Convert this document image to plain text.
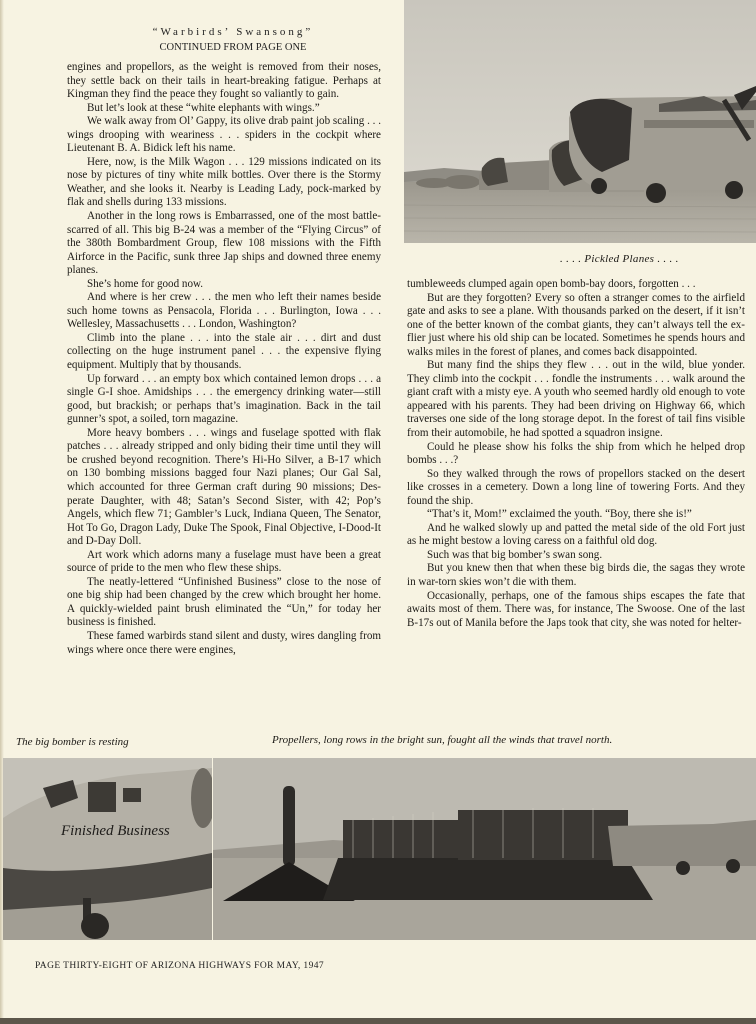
“Warbirds’ Swansong”
CONTINUED FROM PAGE ONE

engines and propellors, as the weight is removed from their noses, they settle back on their tails in heart-breaking fatigue. Perhaps at Kingman they find the peace they fought so valiantly to gain.

But let’s look at these “white elephants with wings.”

We walk away from Ol’ Gappy, its olive drab paint job scaling . . . wings drooping with weariness . . . spiders in the cockpit where Lieutenant B. A. Bidick left his name.

Here, now, is the Milk Wagon . . . 129 missions indicated on its nose by pictures of tiny white milk bottles. Over there is the Stormy Weather, and she looks it. Nearby is Leading Lady, pock-marked by flak and shells during 133 missions.

Another in the long rows is Embarrassed, one of the most battle-scarred of all. This big B-24 was a member of the “Flying Circus” of the 380th Bombardment Group, flew 108 missions with the Fifth Airforce in the Pacific, sunk three Jap ships and downed three enemy planes.

She’s home for good now.

And where is her crew . . . the men who left their names beside such home towns as Pensacola, Florida . . . Burlington, Iowa . . . Wellesley, Massachusetts . . . London, Washington?

Climb into the plane . . . into the stale air . . . dirt and dust collecting on the huge instrument panel . . . the expensive flying equipment. Multiply that by thousands.

Up forward . . . an empty box which contained lemon drops . . . a single G-I shoe. Amidships . . . the emergency drinking water—still good, but brackish; or perhaps that’s imagination. Back in the tail gunner’s spot, a soiled, torn magazine.

More heavy bombers . . . wings and fuselage spotted with flak patches . . . already stripped and only biding their time until they will be crushed beyond recognition. There’s Hi-Ho Silver, a B-17 which on 130 bombing missions bagged four Nazi planes; Our Gal Sal, which accounted for three German craft during 90 missions; Desperate Daughter, with 48; Satan’s Second Sister, with 42; Pop’s Angels, which flew 71; Gambler’s Luck, Indiana Queen, The Senator, Hot To Go, Dragon Lady, Duke The Spook, Final Objective, I-Dood-It and D-Day Doll.

Art work which adorns many a fuselage must have been a great source of pride to the men who flew these ships.

The neatly-lettered “Unfinished Business” close to the nose of one big ship had been changed by the crew which brought her home. A quickly-wielded paint brush eliminated the “Un,” for today her business is finished.

These famed warbirds stand silent and dusty, wires dangling from wings where once there were engines,

. . . . Pickled Planes . . . .

tumbleweeds clumped again open bomb-bay doors, forgotten . . .

But are they forgotten? Every so often a stranger comes to the airfield gate and asks to see a plane. With thousands parked on the desert, if it isn’t one of the better known of the combat giants, they can’t always tell the ex-flier just where his old ship can be located. Sometimes he spends hours and walks miles in the forest of planes, and comes back disappointed.

But many find the ships they flew . . . out in the wild, blue yonder. They climb into the cockpit . . . fondle the instruments . . . walk around the giant craft with a misty eye. A youth who seemed hardly old enough to vote appeared with his parents. They had been driving on Highway 66, which traverses one side of the long storage depot. In the forest of tail fins visible from their automobile, he had spotted a squadron insigne.

Could he please show his folks the ship from which he helped drop bombs . . .?

So they walked through the rows of propellors stacked on the desert like crosses in a cemetery. Down a long line of towering Forts. And they found the ship.

“That’s it, Mom!” exclaimed the youth. “Boy, there she is!”

And he walked slowly up and patted the metal side of the old Fort just as he might bestow a loving caress on a faithful old dog.

Such was that big bomber’s swan song.

But you knew then that when these big birds die, the sagas they wrote in war-torn skies won’t die with them.

Occasionally, perhaps, one of the famous ships escapes the fate that awaits most of them. There was, for instance, The Swoose. One of the last B-17s out of Manila before the Japs took that city, she was noted for helter-

The big bomber is resting	Propellers, long rows in the bright sun, fought all the winds that travel north.
Finished Business
PAGE THIRTY-EIGHT OF ARIZONA HIGHWAYS FOR MAY, 1947
